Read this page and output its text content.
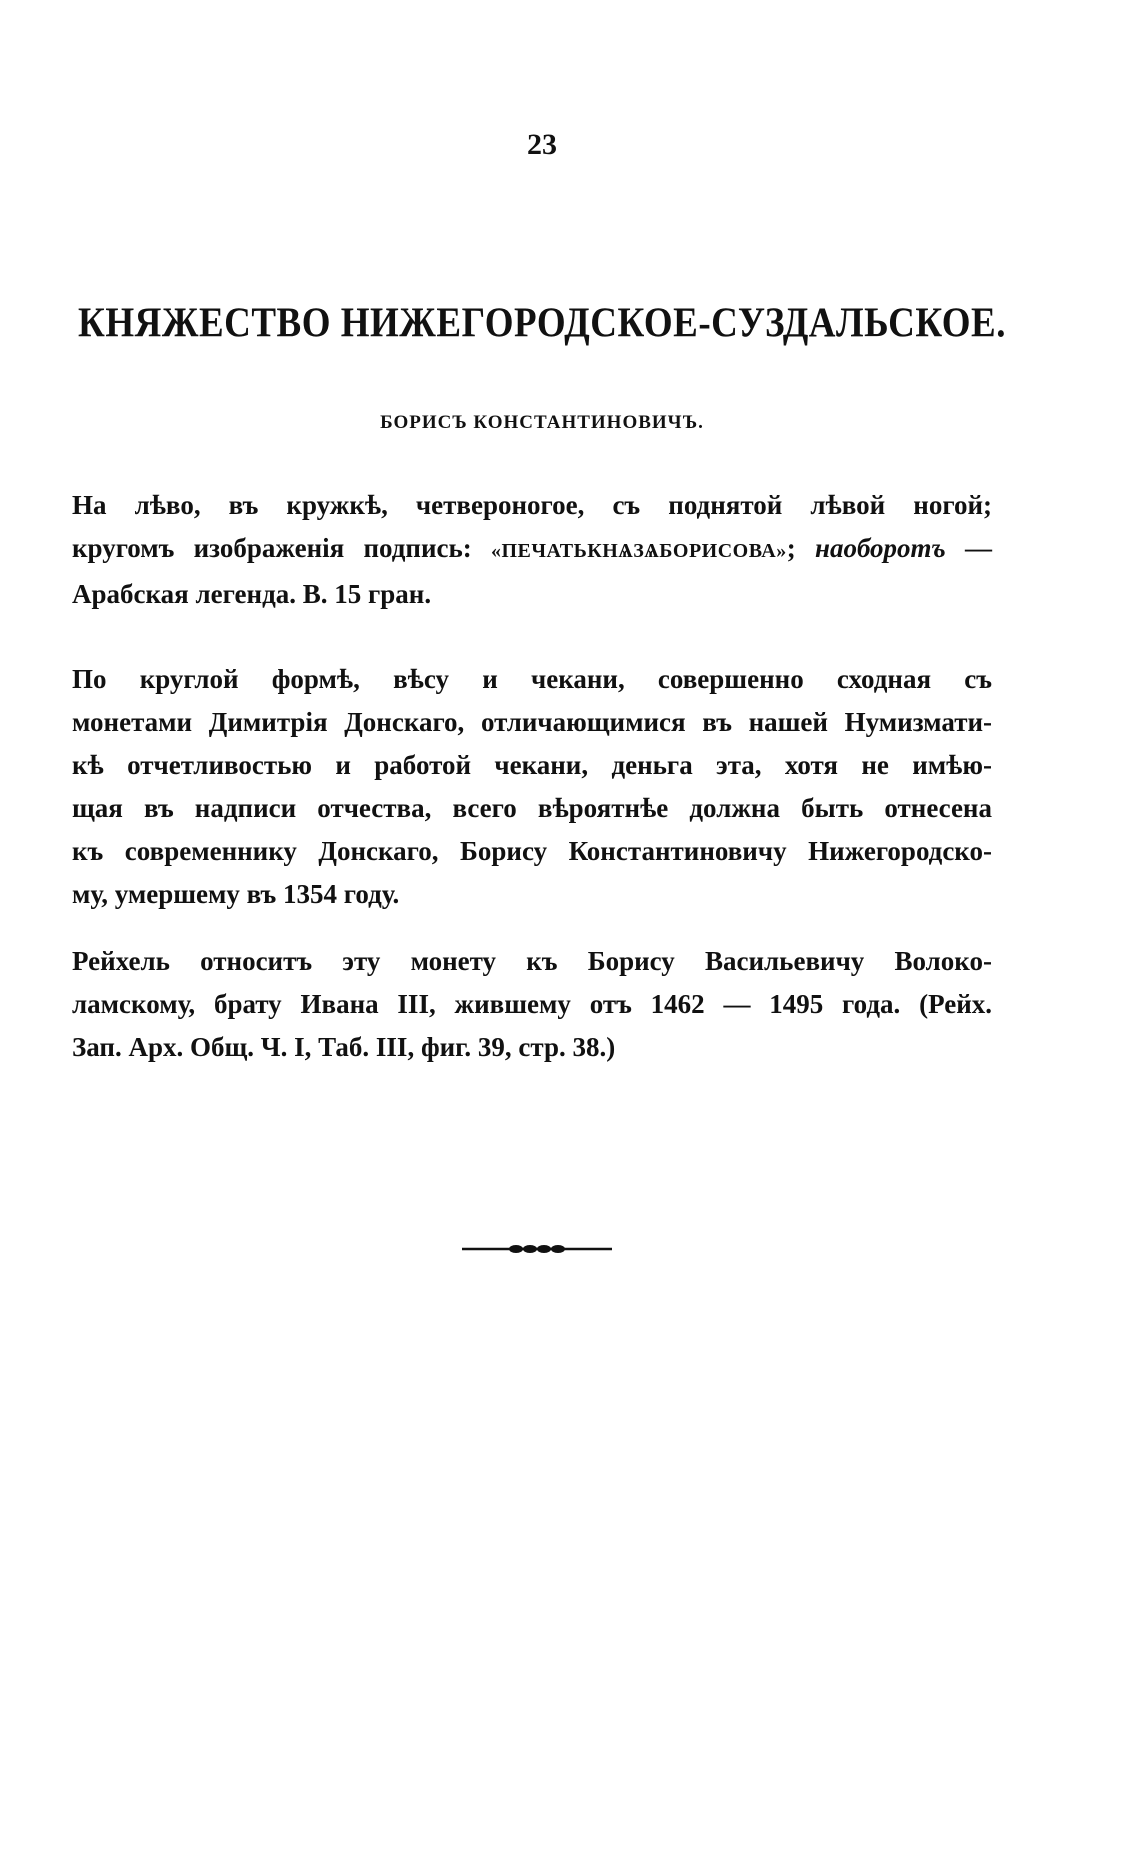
23
КНЯЖЕСТВО НИЖЕГОРОДСКОЕ-СУЗДАЛЬСКОЕ.
БОРИСЪ КОНСТАНТИНОВИЧЪ.
На лѣво, въ кружкѣ, четвероногое, съ поднятой лѣвой ногой;
кругомъ изображенія подпись: «ПЕЧАТЬКНѦЗѦБОРИСОВА»; наоборотъ —
Арабская легенда. В. 15 гран.
По круглой формѣ, вѣсу и чекани, совершенно сходная съ
монетами Димитрія Донскаго, отличающимися въ нашей Нумизмати-
кѣ отчетливостью и работой чекани, деньга эта, хотя не имѣю-
щая въ надписи отчества, всего вѣроятнѣе должна быть отнесена
къ современнику Донскаго, Борису Константиновичу Нижегородско-
му, умершему въ 1354 году.
Рейхель относитъ эту монету къ Борису Васильевичу Волоко-
ламскому, брату Ивана III, жившему отъ 1462 — 1495 года. (Рейх.
Зап. Арх. Общ. Ч. I, Таб. III, фиг. 39, стр. 38.)
